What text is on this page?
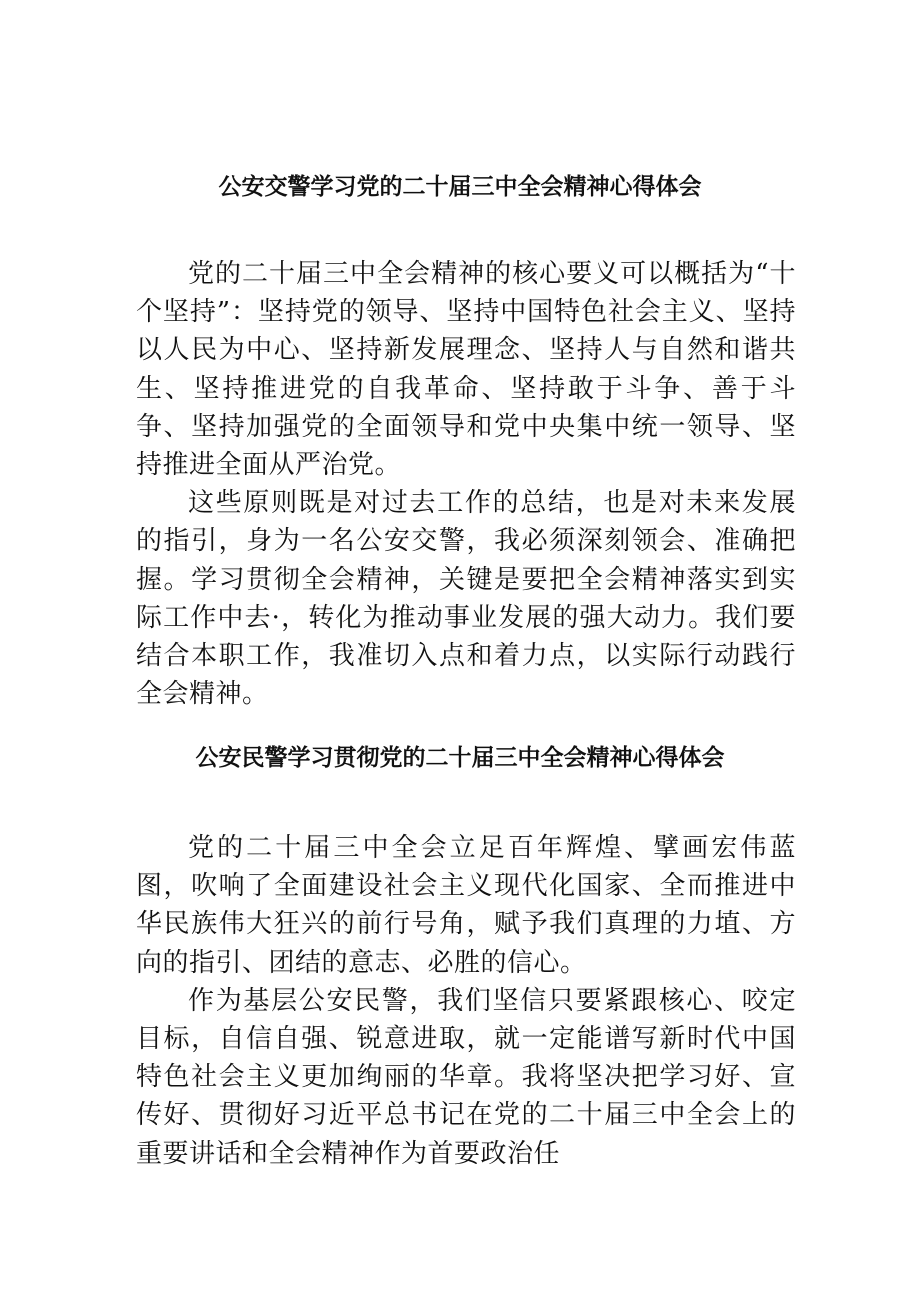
公安交警学习党的二十届三中全会精神心得体会

党的二十届三中全会精神的核心要义可以概括为“十个坚持”：坚持党的领导、坚持中国特色社会主义、坚持以人民为中心、坚持新发展理念、坚持人与自然和谐共生、坚持推进党的自我革命、坚持敢于斗争、善于斗争、坚持加强党的全面领导和党中央集中统一领导、坚持推进全面从严治党。

这些原则既是对过去工作的总结，也是对未来发展的指引，身为一名公安交警，我必须深刻领会、准确把握。学习贯彻全会精神，关键是要把全会精神落实到实际工作中去·，转化为推动事业发展的强大动力。我们要结合本职工作，我准切入点和着力点，以实际行动践行全会精神。

公安民警学习贯彻党的二十届三中全会精神心得体会

党的二十届三中全会立足百年辉煌、擘画宏伟蓝图，吹响了全面建设社会主义现代化国家、全而推进中华民族伟大狂兴的前行号角，赋予我们真理的力埴、方向的指引、团结的意志、必胜的信心。

作为基层公安民警，我们坚信只要紧跟核心、咬定目标，自信自强、锐意进取，就一定能谱写新时代中国特色社会主义更加绚丽的华章。我将坚决把学习好、宣传好、贯彻好习近平总书记在党的二十届三中全会上的重要讲话和全会精神作为首要政治任
